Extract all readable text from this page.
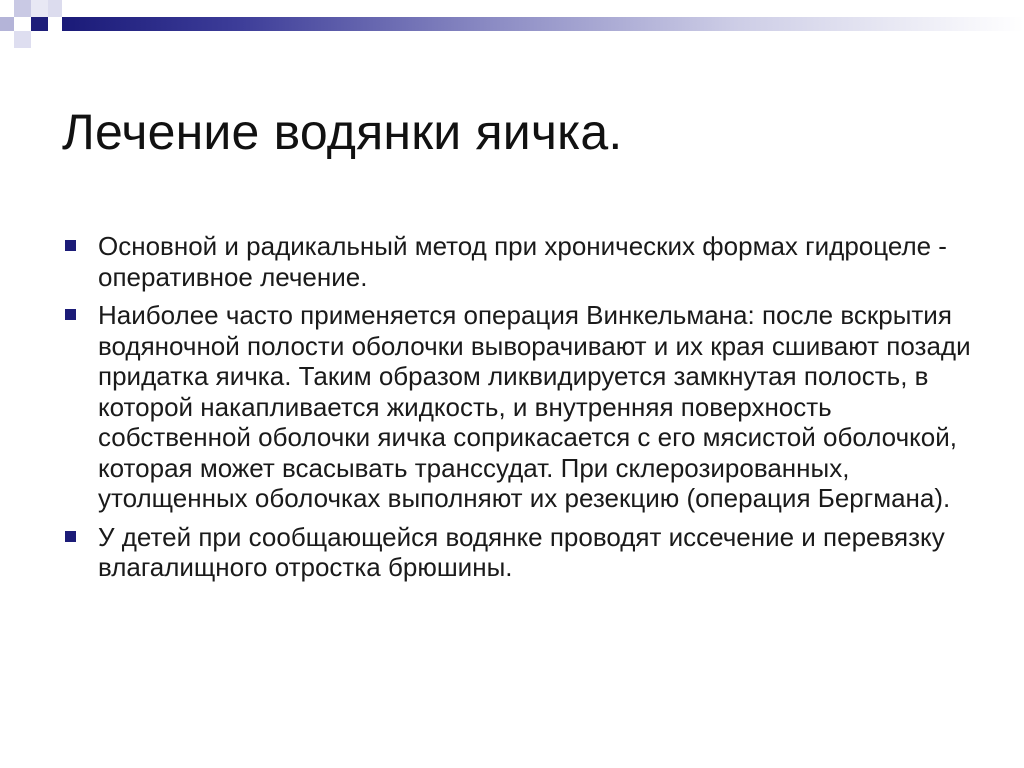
Лечение водянки яичка.
Основной и радикальный метод при хронических формах гидроцеле - оперативное лечение.
Наиболее часто применяется операция Винкельмана: после вскрытия водяночной полости оболочки выворачивают и их края сшивают позади придатка яичка. Таким образом ликвидируется замкнутая полость, в которой накапливается жидкость, и внутренняя поверхность собственной оболочки яичка соприкасается с его мясистой оболочкой, которая может всасывать транссудат. При склерозированных, утолщенных оболочках выполняют их резекцию (операция Бергмана).
У детей при сообщающейся водянке проводят иссечение и перевязку влагалищного отростка брюшины.
